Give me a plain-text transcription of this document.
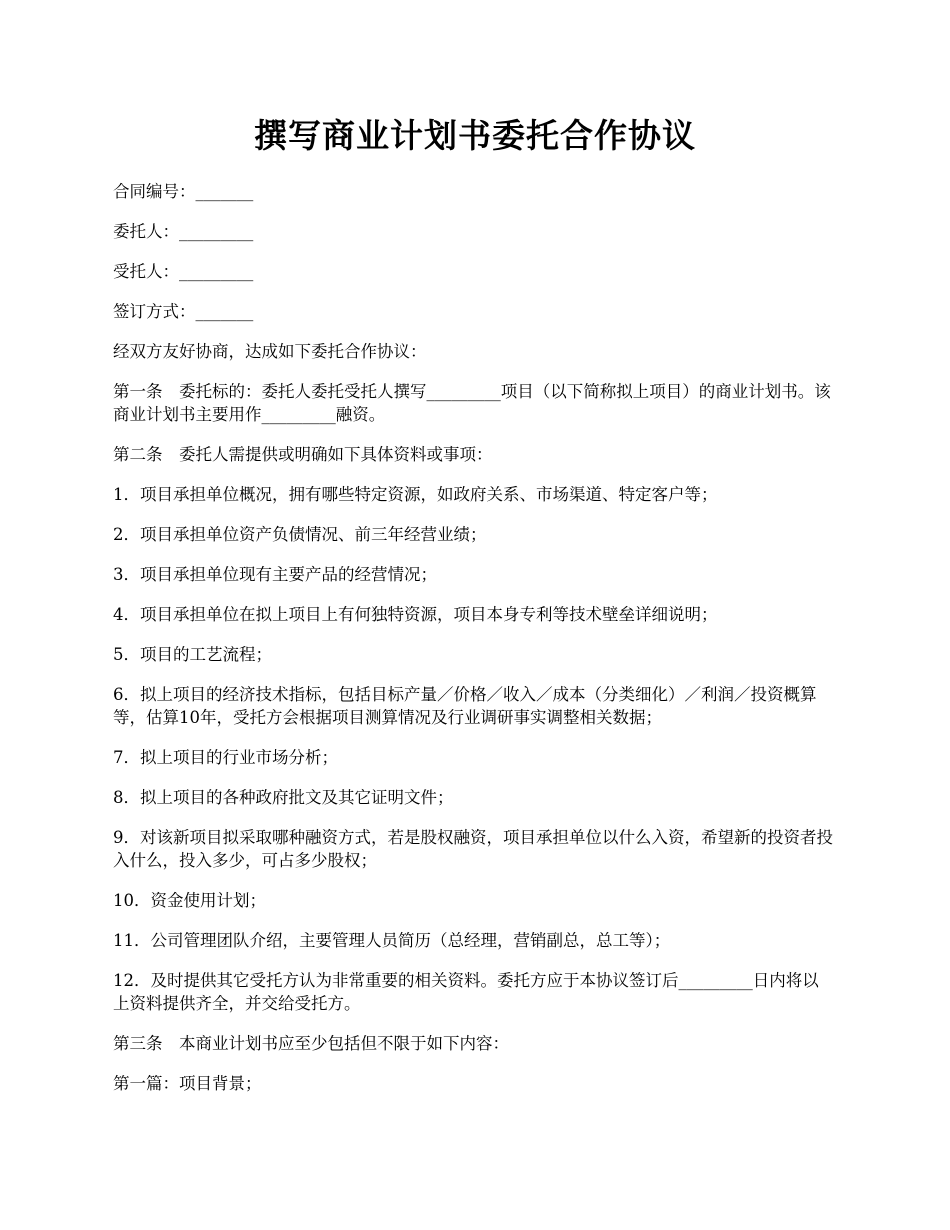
撰写商业计划书委托合作协议

合同编号：_______

委托人：_________

受托人：_________

签订方式：_______

经双方友好协商，达成如下委托合作协议：

第一条　委托标的：委托人委托受托人撰写_________项目（以下简称拟上项目）的商业计划书。该商业计划书主要用作_________融资。

第二条　委托人需提供或明确如下具体资料或事项：

1．项目承担单位概况，拥有哪些特定资源，如政府关系、市场渠道、特定客户等；

2．项目承担单位资产负债情况、前三年经营业绩；

3．项目承担单位现有主要产品的经营情况；

4．项目承担单位在拟上项目上有何独特资源，项目本身专利等技术壁垒详细说明；

5．项目的工艺流程；

6．拟上项目的经济技术指标，包括目标产量／价格／收入／成本（分类细化）／利润／投资概算等，估算10年，受托方会根据项目测算情况及行业调研事实调整相关数据；

7．拟上项目的行业市场分析；

8．拟上项目的各种政府批文及其它证明文件；

9．对该新项目拟采取哪种融资方式，若是股权融资，项目承担单位以什么入资，希望新的投资者投入什么，投入多少，可占多少股权；

10．资金使用计划；

11．公司管理团队介绍，主要管理人员简历（总经理，营销副总，总工等）；

12．及时提供其它受托方认为非常重要的相关资料。委托方应于本协议签订后_________日内将以上资料提供齐全，并交给受托方。

第三条　本商业计划书应至少包括但不限于如下内容：

第一篇：项目背景；
